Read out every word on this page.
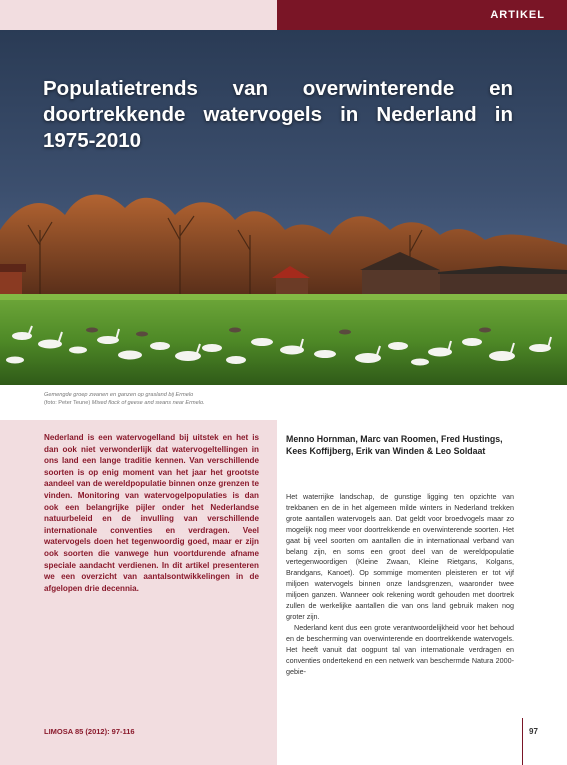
ARTIKEL
Populatietrends van overwinterende en doortrekkende watervogels in Nederland in 1975-2010
Gemengde groep zwanen en ganzen op grasland bij Ermelo
(foto: Peter Teune) Mixed flock of geese and swans near Ermelo.

Nederland is een watervogelland bij uitstek en het is dan ook niet verwonderlijk dat watervogeltellingen in ons land een lange traditie kennen. Van verschillende soorten is op enig moment van het jaar het grootste aandeel van de wereldpopulatie binnen onze grenzen te vinden. Monitoring van watervogelpopulaties is dan ook een belangrijke pijler onder het Nederlandse natuurbeleid en de invulling van verschillende internationale conventies en verdragen. Veel watervogels doen het tegenwoordig goed, maar er zijn ook soorten die vanwege hun voortdurende afname speciale aandacht verdienen. In dit artikel presenteren we een overzicht van aantalsontwikkelingen in de afgelopen drie decennia.

Menno Hornman, Marc van Roomen, Fred Hustings, Kees Koffijberg, Erik van Winden & Leo Soldaat

Het waterrijke landschap, de gunstige ligging ten opzichte van trekbanen en de in het algemeen milde winters in Nederland trekken grote aantallen watervogels aan. Dat geldt voor broedvogels maar zo mogelijk nog meer voor doortrekkende en overwinterende soorten. Het gaat bij veel soorten om aantallen die in internationaal verband van belang zijn, en soms een groot deel van de wereldpopulatie vertegenwoordigen (Kleine Zwaan, Kleine Rietgans, Kolgans, Brandgans, Kanoet). Op sommige momenten pleisteren er tot vijf miljoen watervogels binnen onze landsgrenzen, waaronder twee miljoen ganzen. Wanneer ook rekening wordt gehouden met doortrek zullen de werkelijke aantallen die van ons land gebruik maken nog groter zijn.

Nederland kent dus een grote verantwoordelijkheid voor het behoud en de bescherming van overwinterende en doortrekkende watervogels. Het heeft vanuit dat oogpunt tal van internationale verdragen en conventies ondertekend en een netwerk van beschermde Natura 2000-gebie-

LIMOSA 85 (2012): 97-116	97
